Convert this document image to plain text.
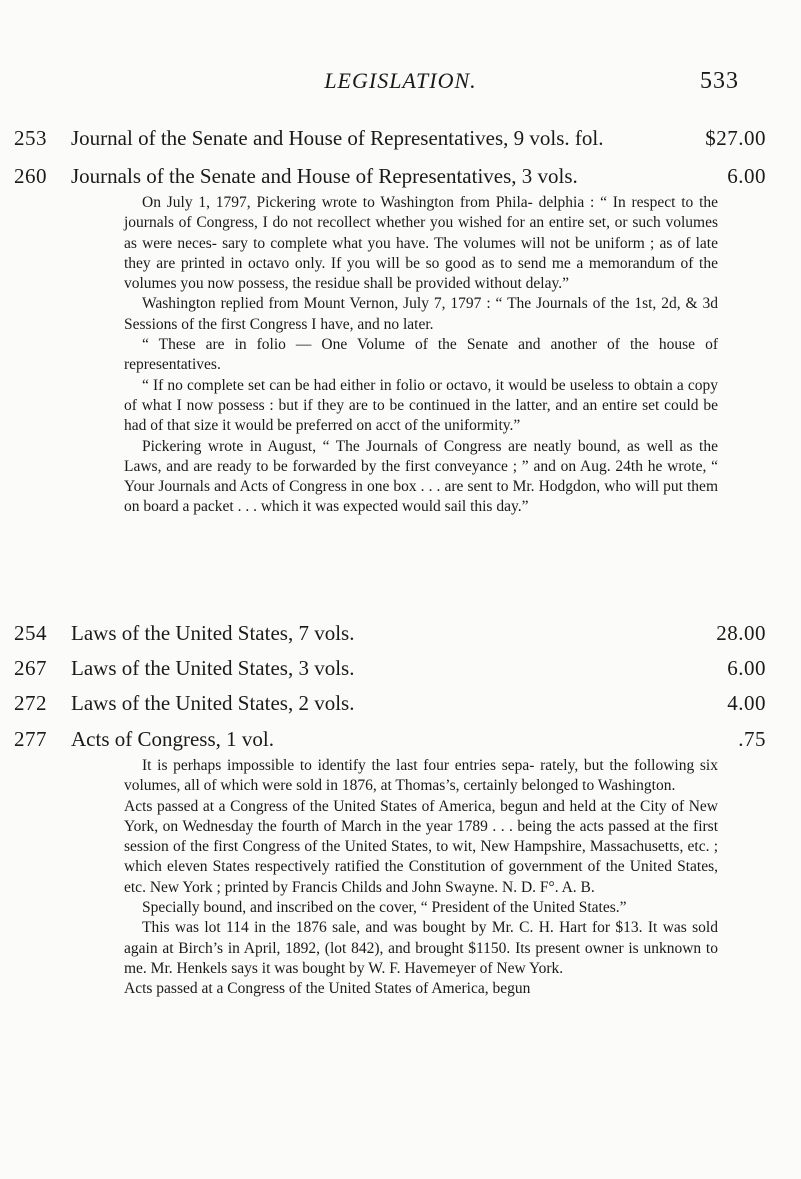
LEGISLATION.	533
253 Journal of the Senate and House of Representatives, 9 vols. fol.	$27.00
260 Journals of the Senate and House of Representatives, 3 vols.	6.00

On July 1, 1797, Pickering wrote to Washington from Phila- delphia : “ In respect to the journals of Congress, I do not recollect whether you wished for an entire set, or such volumes as were neces- sary to complete what you have. The volumes will not be uniform ; as of late they are printed in octavo only. If you will be so good as to send me a memorandum of the volumes you now possess, the residue shall be provided without delay.”

Washington replied from Mount Vernon, July 7, 1797 : “ The Journals of the 1st, 2d, & 3d Sessions of the first Congress I have, and no later.

“ These are in folio — One Volume of the Senate and another of the house of representatives.

“ If no complete set can be had either in folio or octavo, it would be useless to obtain a copy of what I now possess : but if they are to be continued in the latter, and an entire set could be had of that size it would be preferred on acct of the uniformity.”

Pickering wrote in August, “ The Journals of Congress are neatly bound, as well as the Laws, and are ready to be forwarded by the first conveyance ; ” and on Aug. 24th he wrote, “ Your Journals and Acts of Congress in one box . . . are sent to Mr. Hodgdon, who will put them on board a packet . . . which it was expected would sail this day.”

254 Laws of the United States, 7 vols.	28.00
267 Laws of the United States, 3 vols.	6.00
272 Laws of the United States, 2 vols.	4.00
277 Acts of Congress, 1 vol.	.75

It is perhaps impossible to identify the last four entries sepa- rately, but the following six volumes, all of which were sold in 1876, at Thomas’s, certainly belonged to Washington.

Acts passed at a Congress of the United States of America, begun and held at the City of New York, on Wednesday the fourth of March in the year 1789 . . . being the acts passed at the first session of the first Congress of the United States, to wit, New Hampshire, Massachusetts, etc. ; which eleven States respectively ratified the Constitution of government of the United States, etc. New York ; printed by Francis Childs and John Swayne. N. D. F°. A. B.

Specially bound, and inscribed on the cover, “ President of the United States.”

This was lot 114 in the 1876 sale, and was bought by Mr. C. H. Hart for $13. It was sold again at Birch’s in April, 1892, (lot 842), and brought $1150. Its present owner is unknown to me. Mr. Henkels says it was bought by W. F. Havemeyer of New York.

Acts passed at a Congress of the United States of America, begun
